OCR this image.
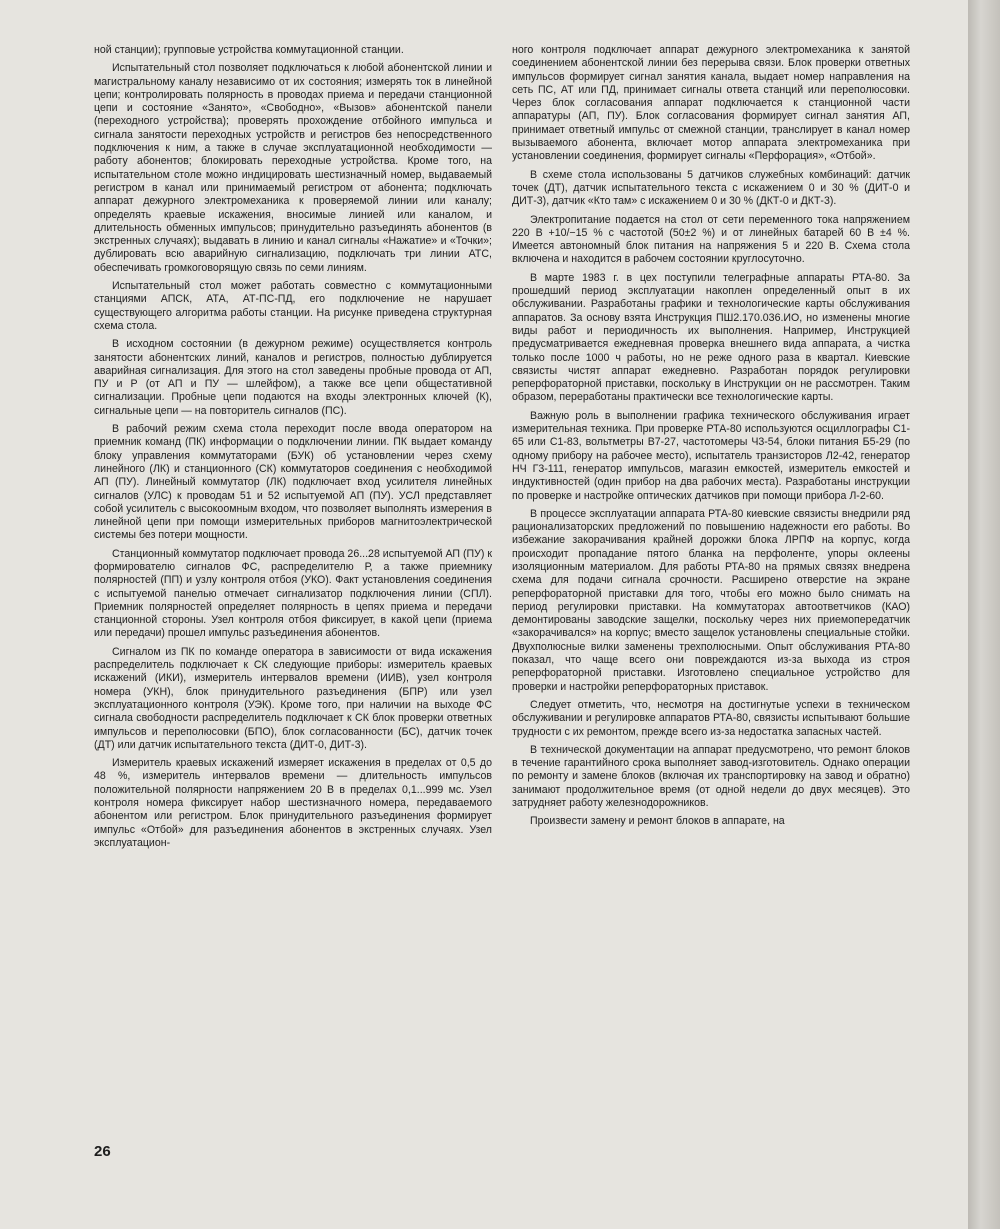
ной станции); групповые устройства коммутационной станции.

Испытательный стол позволяет подключаться к любой абонентской линии и магистральному каналу независимо от их состояния; измерять ток в линейной цепи; контролировать полярность в проводах приема и передачи станционной цепи и состояние «Занято», «Свободно», «Вызов» абонентской панели (переходного устройства); проверять прохождение отбойного импульса и сигнала занятости переходных устройств и регистров без непосредственного подключения к ним, а также в случае эксплуатационной необходимости — работу абонентов; блокировать переходные устройства. Кроме того, на испытательном столе можно индицировать шестизначный номер, выдаваемый регистром в канал или принимаемый регистром от абонента; подключать аппарат дежурного электромеханика к проверяемой линии или каналу; определять краевые искажения, вносимые линией или каналом, и длительность обменных импульсов; принудительно разъединять абонентов (в экстренных случаях); выдавать в линию и канал сигналы «Нажатие» и «Точки»; дублировать всю аварийную сигнализацию, подключать три линии АТС, обеспечивать громкоговорящую связь по семи линиям.

Испытательный стол может работать совместно с коммутационными станциями АПСК, АТА, АТ-ПС-ПД, его подключение не нарушает существующего алгоритма работы станции. На рисунке приведена структурная схема стола.

В исходном состоянии (в дежурном режиме) осуществляется контроль занятости абонентских линий, каналов и регистров, полностью дублируется аварийная сигнализация. Для этого на стол заведены пробные провода от АП, ПУ и Р (от АП и ПУ — шлейфом), а также все цепи общестативной сигнализации. Пробные цепи подаются на входы электронных ключей (К), сигнальные цепи — на повторитель сигналов (ПС).

В рабочий режим схема стола переходит после ввода оператором на приемник команд (ПК) информации о подключении линии. ПК выдает команду блоку управления коммутаторами (БУК) об установлении через схему линейного (ЛК) и станционного (СК) коммутаторов соединения с необходимой АП (ПУ). Линейный коммутатор (ЛК) подключает вход усилителя линейных сигналов (УЛС) к проводам 51 и 52 испытуемой АП (ПУ). УСЛ представляет собой усилитель с высокоомным входом, что позволяет выполнять измерения в линейной цепи при помощи измерительных приборов магнитоэлектрической системы без потери мощности.

Станционный коммутатор подключает провода 26...28 испытуемой АП (ПУ) к формирователю сигналов ФС, распределителю Р, а также приемнику полярностей (ПП) и узлу контроля отбоя (УКО). Факт установления соединения с испытуемой панелью отмечает сигнализатор подключения линии (СПЛ). Приемник полярностей определяет полярность в цепях приема и передачи станционной стороны. Узел контроля отбоя фиксирует, в какой цепи (приема или передачи) прошел импульс разъединения абонентов.

Сигналом из ПК по команде оператора в зависимости от вида искажения распределитель подключает к СК следующие приборы: измеритель краевых искажений (ИКИ), измеритель интервалов времени (ИИВ), узел контроля номера (УКН), блок принудительного разъединения (БПР) или узел эксплуатационного контроля (УЭК). Кроме того, при наличии на выходе ФС сигнала свободности распределитель подключает к СК блок проверки ответных импульсов и переполюсовки (БПО), блок согласованности (БС), датчик точек (ДТ) или датчик испытательного текста (ДИТ-0, ДИТ-3).

Измеритель краевых искажений измеряет искажения в пределах от 0,5 до 48 %, измеритель интервалов времени — длительность импульсов положительной полярности напряжением 20 В в пределах 0,1...999 мс. Узел контроля номера фиксирует набор шестизначного номера, передаваемого абонентом или регистром. Блок принудительного разъединения формирует импульс «Отбой» для разъединения абонентов в экстренных случаях. Узел эксплуатацион-

ного контроля подключает аппарат дежурного электромеханика к занятой соединением абонентской линии без перерыва связи. Блок проверки ответных импульсов формирует сигнал занятия канала, выдает номер направления на сеть ПС, АТ или ПД, принимает сигналы ответа станций или переполюсовки. Через блок согласования аппарат подключается к станционной части аппаратуры (АП, ПУ). Блок согласования формирует сигнал занятия АП, принимает ответный импульс от смежной станции, транслирует в канал номер вызываемого абонента, включает мотор аппарата электромеханика при установлении соединения, формирует сигналы «Перфорация», «Отбой».

В схеме стола использованы 5 датчиков служебных комбинаций: датчик точек (ДТ), датчик испытательного текста с искажением 0 и 30 % (ДИТ-0 и ДИТ-3), датчик «Кто там» с искажением 0 и 30 % (ДКТ-0 и ДКТ-3).

Электропитание подается на стол от сети переменного тока напряжением 220 В +10/−15 % с частотой (50±2 %) и от линейных батарей 60 В ±4 %. Имеется автономный блок питания на напряжения 5 и 220 В. Схема стола включена и находится в рабочем состоянии круглосуточно.

В марте 1983 г. в цех поступили телеграфные аппараты РТА-80. За прошедший период эксплуатации накоплен определенный опыт в их обслуживании. Разработаны графики и технологические карты обслуживания аппаратов. За основу взята Инструкция ПШ2.170.036.ИО, но изменены многие виды работ и периодичность их выполнения. Например, Инструкцией предусматривается ежедневная проверка внешнего вида аппарата, а чистка только после 1000 ч работы, но не реже одного раза в квартал. Киевские связисты чистят аппарат ежедневно. Разработан порядок регулировки реперфораторной приставки, поскольку в Инструкции он не рассмотрен. Таким образом, переработаны практически все технологические карты.

Важную роль в выполнении графика технического обслуживания играет измерительная техника. При проверке РТА-80 используются осциллографы С1-65 или С1-83, вольтметры В7-27, частотомеры Ч3-54, блоки питания Б5-29 (по одному прибору на рабочее место), испытатель транзисторов Л2-42, генератор НЧ Г3-111, генератор импульсов, магазин емкостей, измеритель емкостей и индуктивностей (один прибор на два рабочих места). Разработаны инструкции по проверке и настройке оптических датчиков при помощи прибора Л-2-60.

В процессе эксплуатации аппарата РТА-80 киевские связисты внедрили ряд рационализаторских предложений по повышению надежности его работы. Во избежание закорачивания крайней дорожки блока ЛРПФ на корпус, когда происходит пропадание пятого бланка на перфоленте, упоры оклеены изоляционным материалом. Для работы РТА-80 на прямых связях внедрена схема для подачи сигнала срочности. Расширено отверстие на экране реперфораторной приставки для того, чтобы его можно было снимать на период регулировки приставки. На коммутаторах автоответчиков (КАО) демонтированы заводские защелки, поскольку через них приемопередатчик «закорачивался» на корпус; вместо защелок установлены специальные стойки. Двухполюсные вилки заменены трехполюсными. Опыт обслуживания РТА-80 показал, что чаще всего они повреждаются из-за выхода из строя реперфораторной приставки. Изготовлено специальное устройство для проверки и настройки реперфораторных приставок.

Следует отметить, что, несмотря на достигнутые успехи в техническом обслуживании и регулировке аппаратов РТА-80, связисты испытывают большие трудности с их ремонтом, прежде всего из-за недостатка запасных частей.

В технической документации на аппарат предусмотрено, что ремонт блоков в течение гарантийного срока выполняет завод-изготовитель. Однако операции по ремонту и замене блоков (включая их транспортировку на завод и обратно) занимают продолжительное время (от одной недели до двух месяцев). Это затрудняет работу железнодорожников.

Произвести замену и ремонт блоков в аппарате, на

26
